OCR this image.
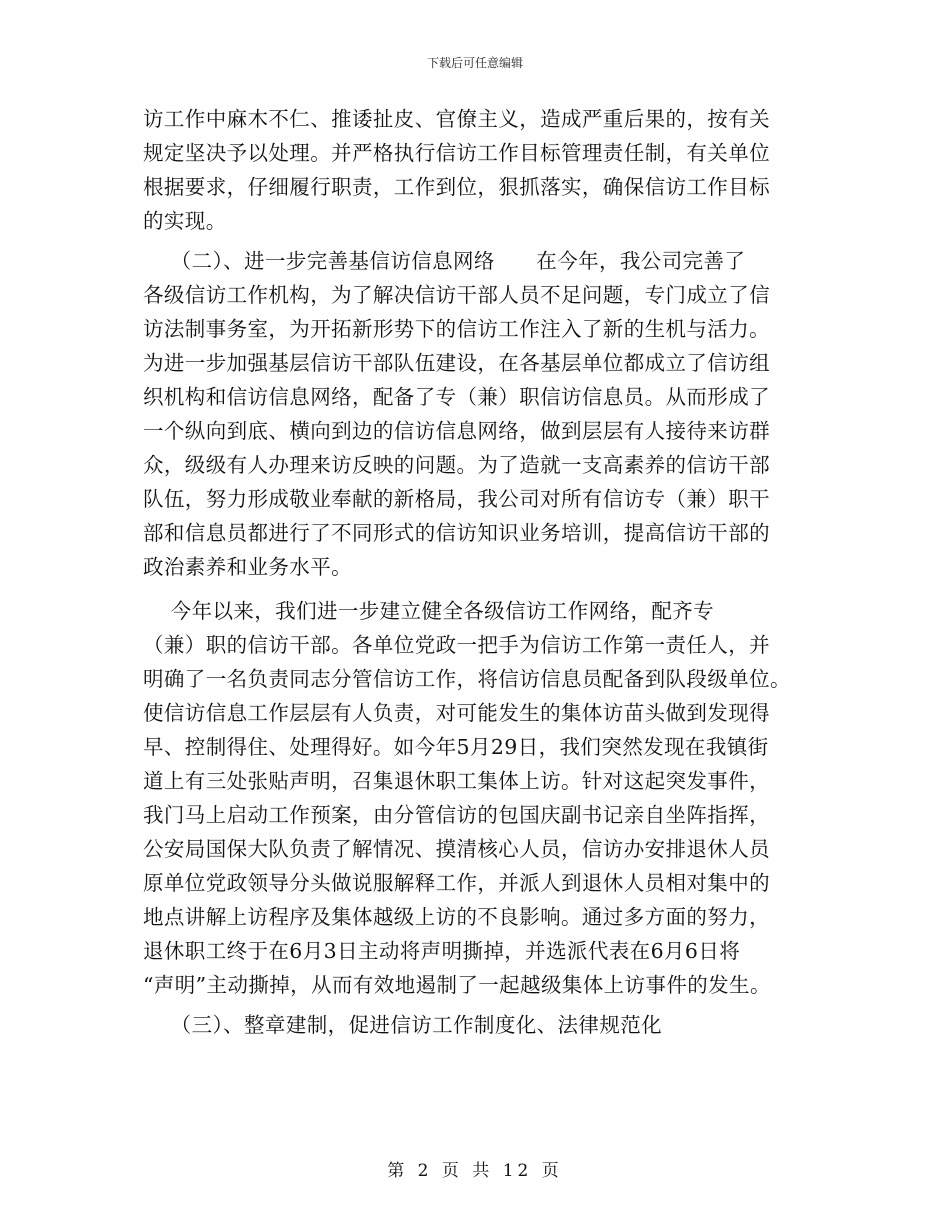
下载后可任意编辑
访工作中麻木不仁、推诿扯皮、官僚主义，造成严重后果的，按有关
规定坚决予以处理。并严格执行信访工作目标管理责任制，有关单位
根据要求，仔细履行职责，工作到位，狠抓落实，确保信访工作目标
的实现。
（二）、进一步完善基信访信息网络      在今年，我公司完善了
各级信访工作机构，为了解决信访干部人员不足问题，专门成立了信
访法制事务室，为开拓新形势下的信访工作注入了新的生机与活力。
为进一步加强基层信访干部队伍建设，在各基层单位都成立了信访组
织机构和信访信息网络，配备了专（兼）职信访信息员。从而形成了
一个纵向到底、横向到边的信访信息网络，做到层层有人接待来访群
众，级级有人办理来访反映的问题。为了造就一支高素养的信访干部
队伍，努力形成敬业奉献的新格局，我公司对所有信访专（兼）职干
部和信息员都进行了不同形式的信访知识业务培训，提高信访干部的
政治素养和业务水平。
今年以来，我们进一步建立健全各级信访工作网络，配齐专
（兼）职的信访干部。各单位党政一把手为信访工作第一责任人，并
明确了一名负责同志分管信访工作，将信访信息员配备到队段级单位。
使信访信息工作层层有人负责，对可能发生的集体访苗头做到发现得
早、控制得住、处理得好。如今年5月29日，我们突然发现在我镇街
道上有三处张贴声明，召集退休职工集体上访。针对这起突发事件，
我门马上启动工作预案，由分管信访的包国庆副书记亲自坐阵指挥，
公安局国保大队负责了解情况、摸清核心人员，信访办安排退休人员
原单位党政领导分头做说服解释工作，并派人到退休人员相对集中的
地点讲解上访程序及集体越级上访的不良影响。通过多方面的努力，
退休职工终于在6月3日主动将声明撕掉，并选派代表在6月6日将
“声明”主动撕掉，从而有效地遏制了一起越级集体上访事件的发生。
（三）、整章建制，促进信访工作制度化、法律规范化
第 2 页 共 12 页
